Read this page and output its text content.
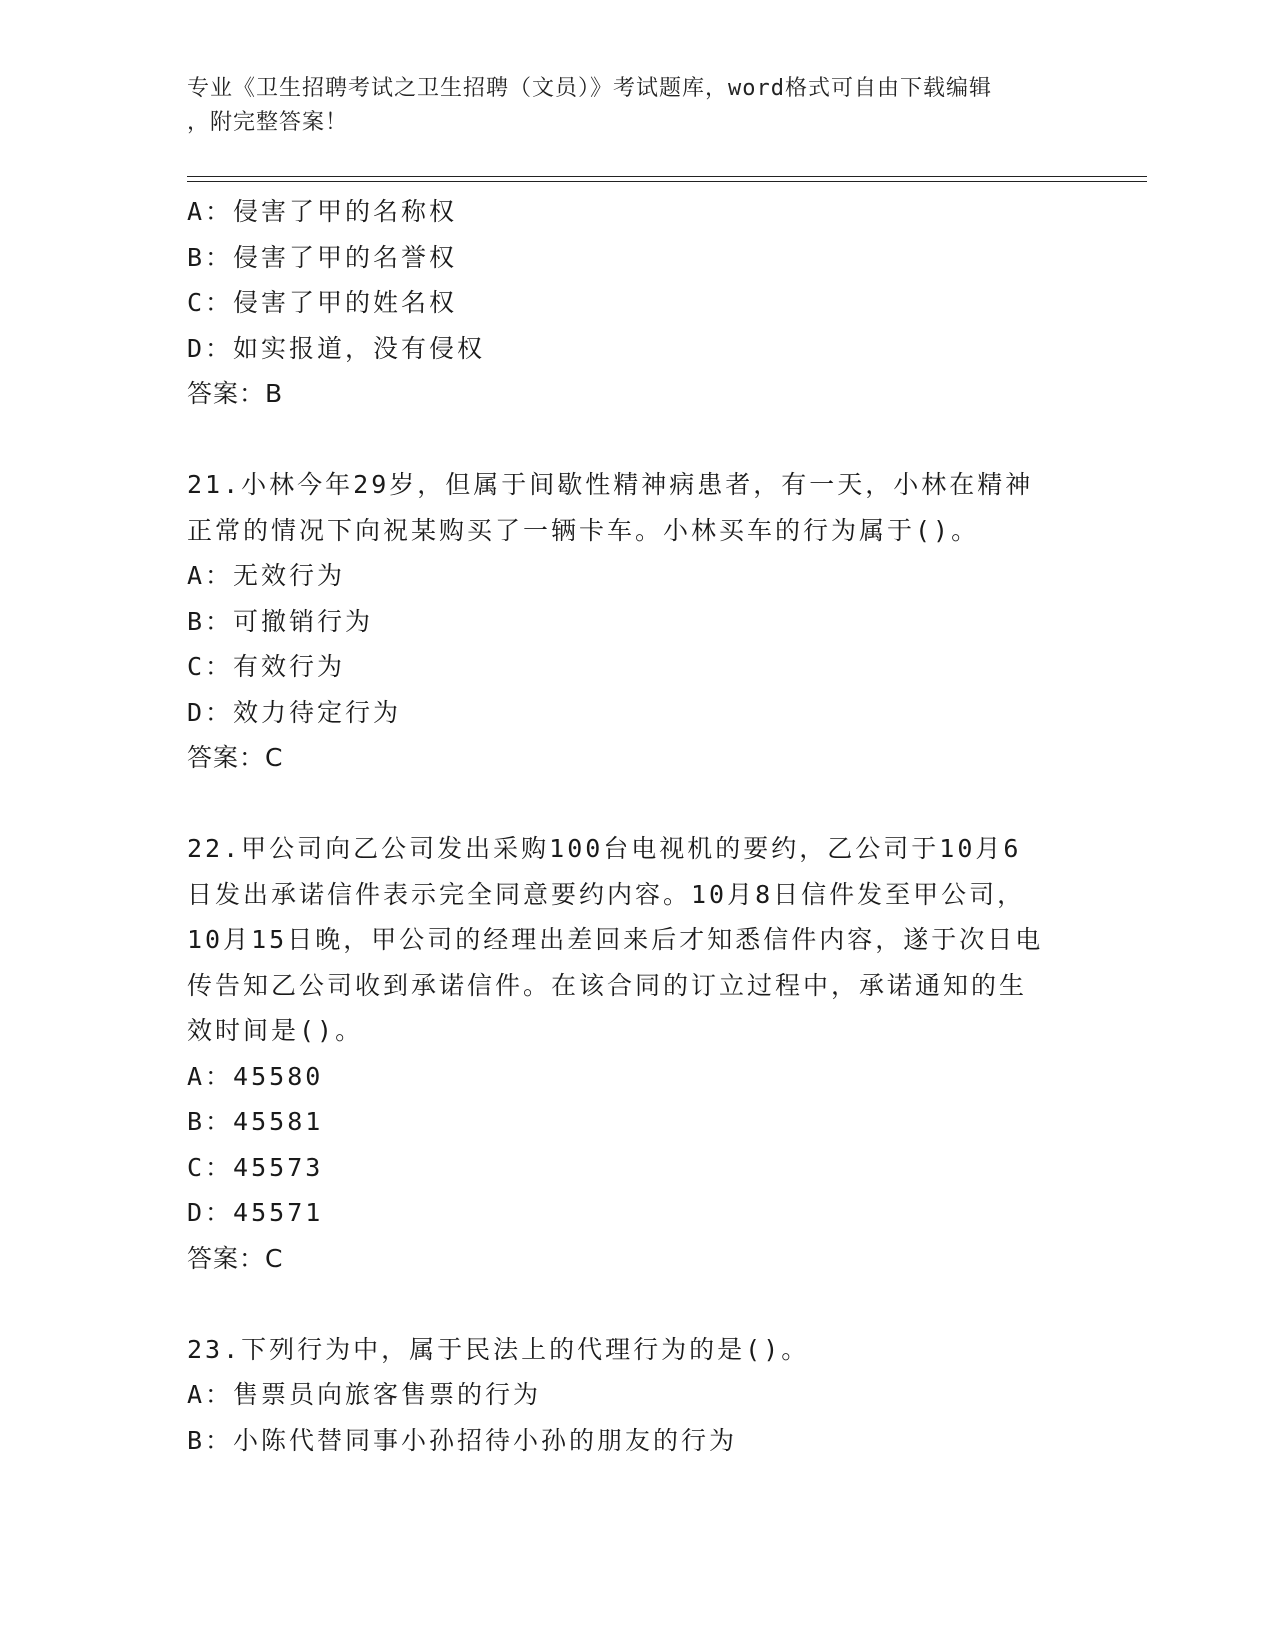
专业《卫生招聘考试之卫生招聘（文员）》考试题库，word格式可自由下载编辑
，附完整答案！
A：侵害了甲的名称权
B：侵害了甲的名誉权
C：侵害了甲的姓名权
D：如实报道，没有侵权
答案：B
21.小林今年29岁，但属于间歇性精神病患者，有一天，小林在精神
正常的情况下向祝某购买了一辆卡车。小林买车的行为属于()。
A：无效行为
B：可撤销行为
C：有效行为
D：效力待定行为
答案：C
22.甲公司向乙公司发出采购100台电视机的要约，乙公司于10月6
日发出承诺信件表示完全同意要约内容。10月8日信件发至甲公司，
10月15日晚，甲公司的经理出差回来后才知悉信件内容，遂于次日电
传告知乙公司收到承诺信件。在该合同的订立过程中，承诺通知的生
效时间是()。
A：45580
B：45581
C：45573
D：45571
答案：C
23.下列行为中，属于民法上的代理行为的是()。
A：售票员向旅客售票的行为
B：小陈代替同事小孙招待小孙的朋友的行为
